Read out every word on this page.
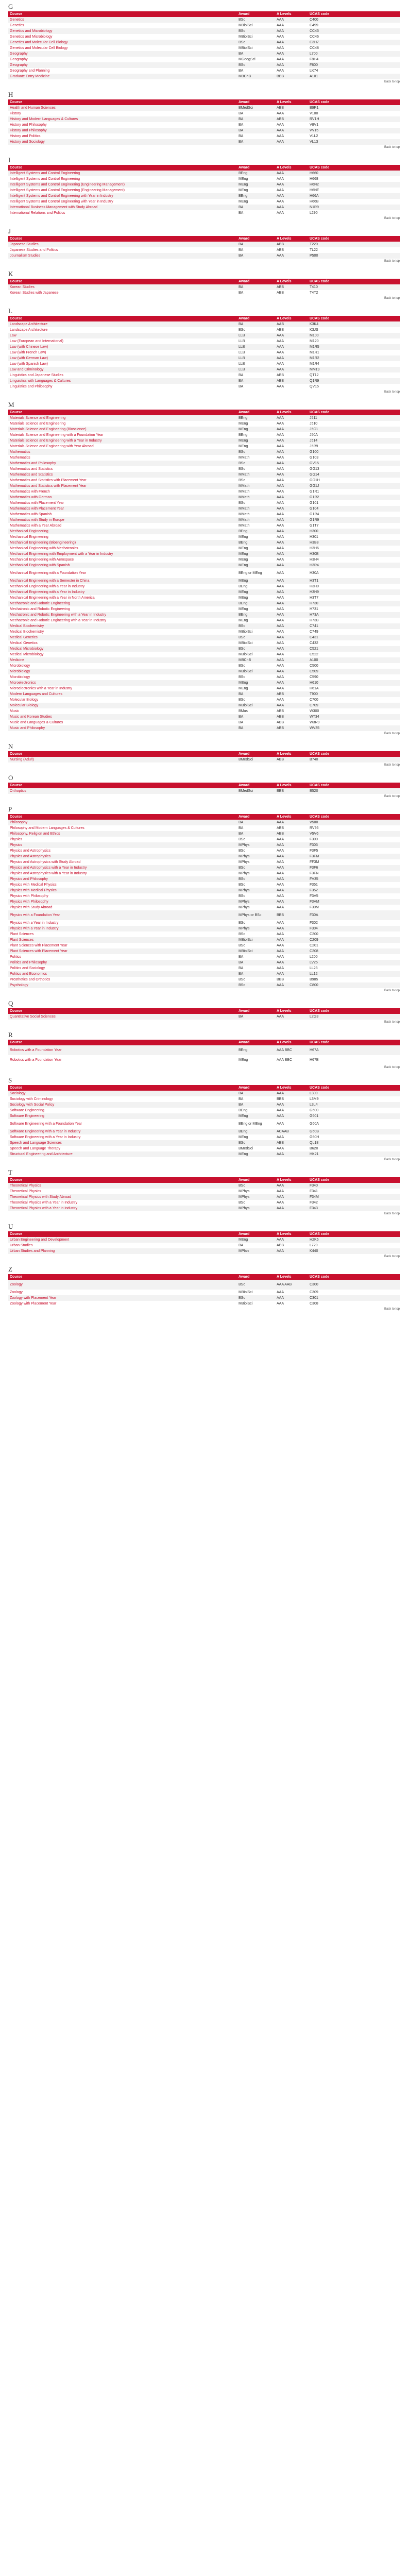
G
Course	Award	A Levels	UCAS code
Genetics	BSc	AAA	C400
Genetics	MBiolSci	AAA	C499
Genetics and Microbiology	BSc	AAA	CC45
Genetics and Microbiology	MBiolSci	AAA	CC46
Genetics and Molecular Cell Biology	BSc	AAA	C3H7
Genetics and Molecular Cell Biology	MBiolSci	AAA	CC48
Geography	BA	AAA	L700
Geography	MGeogSci	AAA	F8H4
Geography	BSc	AAA	F800
Geography and Planning	BA	AAA	LK74
Graduate Entry Medicine	MBChB	BBB	A101
Back to top
H
Course	Award	A Levels	UCAS code
Health and Human Sciences	BMedSci	ABB	B9R1
History	BA	AAA	V100
History and Modern Languages & Cultures	BA	ABB	RV1H
History and Philosophy	BA	AAA	V8V1
History and Philosophy	BA	AAA	VV15
History and Politics	BA	AAA	V1L2
History and Sociology	BA	AAA	VL13
Back to top
I
Course	Award	A Levels	UCAS code
Intelligent Systems and Control Engineering	BEng	AAA	H660
Intelligent Systems and Control Engineering	MEng	AAA	H668
Intelligent Systems and Control Engineering (Engineering Management)	MEng	AAA	H6N2
Intelligent Systems and Control Engineering (Engineering Management)	MEng	AAA	H6NF
Intelligent Systems and Control Engineering with Year in Industry	BEng	AAA	H66A
Intelligent Systems and Control Engineering with Year in Industry	MEng	AAA	H66B
International Business Management with Study Abroad	BA	AAA	N1R9
International Relations and Politics	BA	AAA	L290
Back to top
J
Course	Award	A Levels	UCAS code
Japanese Studies	BA	ABB	T220
Japanese Studies and Politics	BA	ABB	TL22
Journalism Studies	BA	AAA	P500
Back to top
K
Course	Award	A Levels	UCAS code
Korean Studies	BA	ABB	T410
Korean Studies with Japanese	BA	ABB	T4T2
Back to top
L
Course	Award	A Levels	UCAS code
Landscape Architecture	BA	AAB	K3K4
Landscape Architecture	BSc	ABB	K3JS
Law	LLB	AAA	M100
Law (European and International)	LLB	AAA	M120
Law (with Chinese Law)	LLB	AAA	M1R5
Law (with French Law)	LLB	AAA	M1R1
Law (with German Law)	LLB	AAA	M1R2
Law (with Spanish Law)	LLB	AAA	M1R4
Law and Criminology	LLB	AAA	MM19
Linguistics and Japanese Studies	BA	ABB	QT12
Linguistics with Languages & Cultures	BA	ABB	Q1R9
Linguistics and Philosophy	BA	AAA	QV15
Back to top
M
Course	Award	A Levels	UCAS code
Materials Science and Engineering	BEng	AAA	J511
Materials Science and Engineering	MEng	AAA	J510
Materials Science and Engineering (Bioscience)	MEng	AAA	J5C1
Materials Science and Engineering with a Foundation Year	BEng	AAA	J50A
Materials Science and Engineering with a Year in Industry	MEng	AAA	J514
Materials Science and Engineering with Year Abroad	MEng	AAA	J5R9
Mathematics	BSc	AAA	G100
Mathematics	MMath	AAA	G103
Mathematics and Philosophy	BSc	AAA	GV15
Mathematics and Statistics	BSc	AAA	GG13
Mathematics and Statistics	MMath	AAA	GG14
Mathematics and Statistics with Placement Year	BSc	AAA	GG1H
Mathematics and Statistics with Placement Year	MMath	AAA	GG1J
Mathematics with French	MMath	AAA	G1R1
Mathematics with German	MMath	AAA	G1R2
Mathematics with Placement Year	BSc	AAA	G101
Mathematics with Placement Year	MMath	AAA	G104
Mathematics with Spanish	MMath	AAA	G1R4
Mathematics with Study in Europe	MMath	AAA	G1R9
Mathematics with a Year Abroad	MMath	AAA	G1T7
Mechanical Engineering	BEng	AAA	H300
Mechanical Engineering	MEng	AAA	H301
Mechanical Engineering (Bioengineering)	BEng	AAA	H3B8
Mechanical Engineering with Mechatronics	MEng	AAA	H3H6
Mechanical Engineering with Employment with a Year in Industry	MEng	AAA	H30B
Mechanical Engineering with Aerospace	MEng	AAA	H3H4
Mechanical Engineering with Spanish	MEng	AAA	H3R4
Mechanical Engineering with a Foundation Year	BEng or MEng	AAA	H30A
Mechanical Engineering with a Semester in China	MEng	AAA	H3T1
Mechanical Engineering with a Year in Industry	BEng	AAA	H3H0
Mechanical Engineering with a Year in Industry	MEng	AAA	H3H9
Mechanical Engineering with a Year in North America	MEng	AAA	H3T7
Mechatronic and Robotic Engineering	BEng	AAA	H730
Mechatronic and Robotic Engineering	MEng	AAA	H731
Mechatronic and Robotic Engineering with a Year in Industry	BEng	AAA	H73A
Mechatronic and Robotic Engineering with a Year in Industry	MEng	AAA	H73B
Medical Biochemistry	BSc	AAA	C741
Medical Biochemistry	MBiolSci	AAA	C749
Medical Genetics	BSc	AAA	C431
Medical Genetics	MBiolSci	AAA	C432
Medical Microbiology	BSc	AAA	C521
Medical Microbiology	MBiolSci	AAA	C522
Medicine	MBChB	AAA	A100
Microbiology	BSc	AAA	C500
Microbiology	MBiolSci	AAA	C509
Microbiology	BSc	AAA	C590
Microelectronics	MEng	AAA	H610
Microelectronics with a Year in Industry	MEng	AAA	H61A
Modern Languages and Cultures	BA	ABB	T900
Molecular Biology	BSc	AAA	C700
Molecular Biology	MBiolSci	AAA	C709
Music	BMus	ABB	W300
Music and Korean Studies	BA	ABB	WT34
Music and Languages & Cultures	BA	ABB	W3R9
Music and Philosophy	BA	ABB	WV35
Back to top
N
Course	Award	A Levels	UCAS code
Nursing (Adult)	BMedSci	ABB	B740
Back to top
O
Course	Award	A Levels	UCAS code
Orthoptics	BMedSci	BBB	B520
Back to top
P
Course	Award	A Levels	UCAS code
Philosophy	BA	AAA	V500
Philosophy and Modern Languages & Cultures	BA	ABB	RV95
Philosophy, Religion and Ethics	BA	ABB	V5V6
Physics	BSc	AAA	F300
Physics	MPhys	AAA	F303
Physics and Astrophysics	BSc	AAA	F3F5
Physics and Astrophysics	MPhys	AAA	F3FM
Physics and Astrophysics with Study Abroad	MPhys	AAA	FF3M
Physics and Astrophysics with a Year in Industry	BSc	AAA	F3F6
Physics and Astrophysics with a Year in Industry	MPhys	AAA	F3FN
Physics and Philosophy	BSc	AAA	FV35
Physics with Medical Physics	BSc	AAA	F351
Physics with Medical Physics	MPhys	AAA	F352
Physics with Philosophy	BSc	AAA	F3V5
Physics with Philosophy	MPhys	AAA	F3VM
Physics with Study Abroad	MPhys	AAA	F30M
Physics with a Foundation Year	MPhys or BSc	BBB	F30A
Physics with a Year in Industry	BSc	AAA	F302
Physics with a Year in Industry	MPhys	AAA	F304
Plant Sciences	BSc	AAA	C200
Plant Sciences	MBiolSci	AAA	C209
Plant Sciences with Placement Year	BSc	AAA	C201
Plant Sciences with Placement Year	MBiolSci	AAA	C208
Politics	BA	AAA	L200
Politics and Philosophy	BA	AAA	LV25
Politics and Sociology	BA	AAA	LL23
Politics and Economics	BA	AAA	LL12
Prosthetics and Orthotics	BSc	BBB	B985
Psychology	BSc	AAA	C800
Back to top
Q
Course	Award	A Levels	UCAS code
Quantitative Social Sciences	BA	AAA	L2G3
Back to top
R
Course	Award	A Levels	UCAS code
Robotics with a Foundation Year	BEng	AAA BBC	H67A
Robotics with a Foundation Year	MEng	AAA BBC	H67B
Back to top
S
Course	Award	A Levels	UCAS code
Sociology	BA	AAA	L300
Sociology with Criminology	BA	BBB	L3M9
Sociology with Social Policy	BA	AAA	L3L4
Software Engineering	BEng	AAA	G600
Software Engineering	MEng	AAA	G601
Software Engineering with a Foundation Year	BEng or MEng	AAA	G60A
Software Engineering with a Year in Industry	BEng	ACAAB	G60B
Software Engineering with a Year in Industry	MEng	AAA	G60H
Speech and Language Sciences	BSc	ABB	QL18
Speech and Language Therapy	BMedSci	AAA	B620
Structural Engineering and Architecture	MEng	AAA	HK21
Back to top
T
Course	Award	A Levels	UCAS code
Theoretical Physics	BSc	AAA	F340
Theoretical Physics	MPhys	AAA	F341
Theoretical Physics with Study Abroad	MPhys	AAA	F34M
Theoretical Physics with a Year in Industry	BSc	AAA	F342
Theoretical Physics with a Year in Industry	MPhys	AAA	F343
Back to top
U
Course	Award	A Levels	UCAS code
Urban Engineering and Development	MEng	AAA	H2K5
Urban Studies	BA	ABB	L720
Urban Studies and Planning	MPlan	AAA	K440
Back to top
Z
Course	Award	A Levels	UCAS code
Zoology	BSc	AAA AAB	C300
Zoology	MBiolSci	AAA	C309
Zoology with Placement Year	BSc	AAA	C301
Zoology with Placement Year	MBiolSci	AAA	C308
Back to top
